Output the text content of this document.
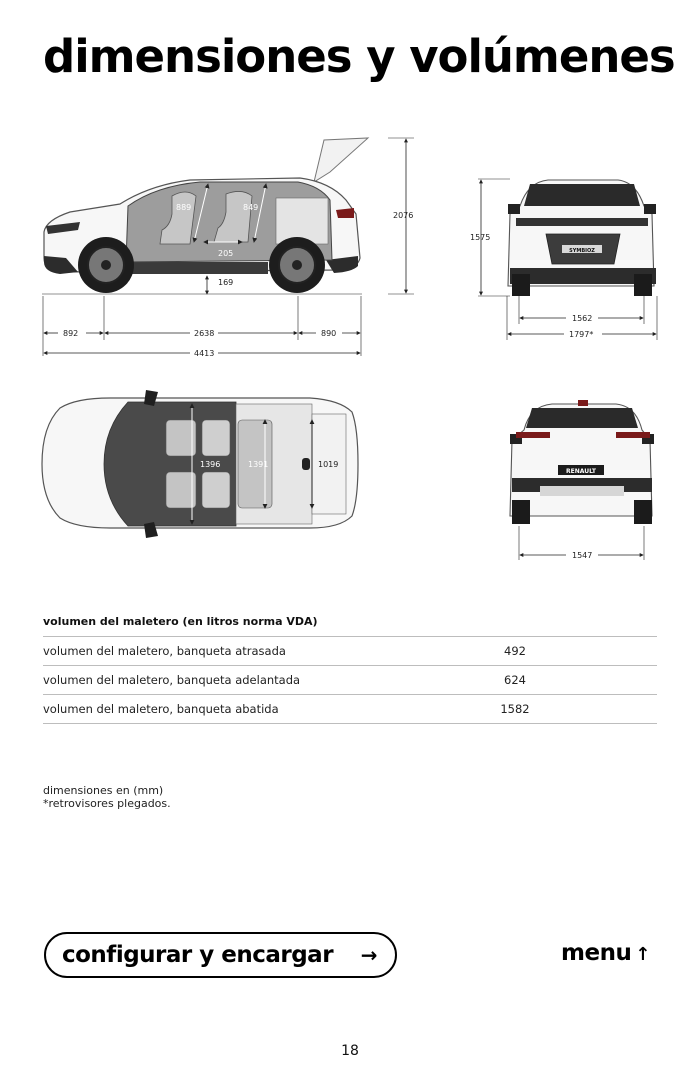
dimensiones y volúmenes
889	849
205
169
2076
892	2638	890
4413
SYMBIOZ
1575
1562
1797*
1396	1391	1019
RENAULT
1547
volumen del maletero (en litros norma VDA)
volumen del maletero, banqueta atrasada	492
volumen del maletero, banqueta adelantada	624
volumen del maletero, banqueta abatida	1582
dimensiones en (mm)
*retrovisores plegados.
configurar y encargar →	menu ↑
18
